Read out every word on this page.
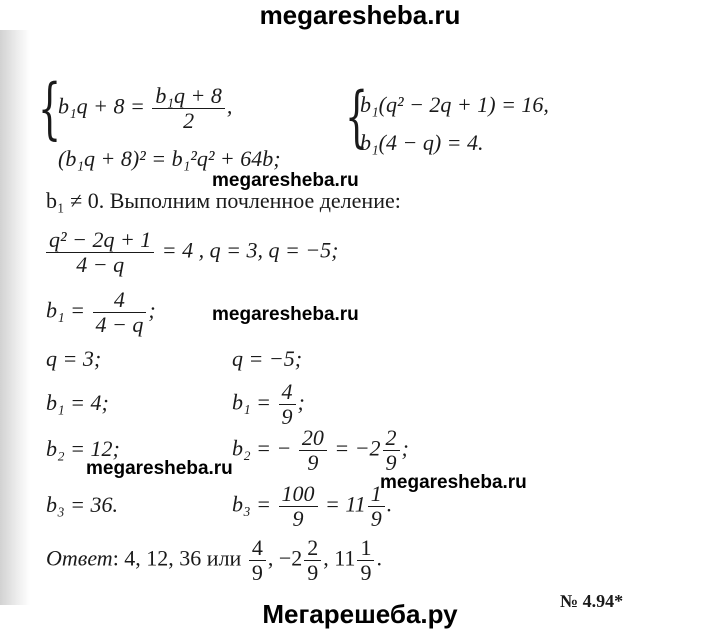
megaresheba.ru
{
$b_1q + 8 = \frac{\text{b₁q + 8}}{2}$ ,
(b₁q + 8)² = b₁²q² + 64b;
{
b₁(q² − 2q + 1) = 16,
b₁(4 − q) = 4.
megaresheba.ru
b₁ ≠ 0. Выполним почленное деление:
$\frac{\text{q² − 2q + 1}}{4 - q} = 4$ , q = 3, q = −5;
$b_1 = \frac{4}{4 - q}$ ;	megaresheba.ru
q = 3;
b₁ = 4;
b₂ = 12;
b₃ = 36.
q = −5;
$b_1 = \frac{4}{9}$ ;
b₂ = − $\frac{20}{9} = -2 \frac{2}{9}$ ;
megaresheba.ru
megaresheba.ru
$b_3 = \frac{100}{9} = 11 \frac{1}{9}$ .
Ответ: 4, 12, 36 или $\frac{4}{9}$ , $-2 \frac{2}{9}$ , $11 \frac{1}{9}$ .
№ 4.94*
Мегарешеба.ру
